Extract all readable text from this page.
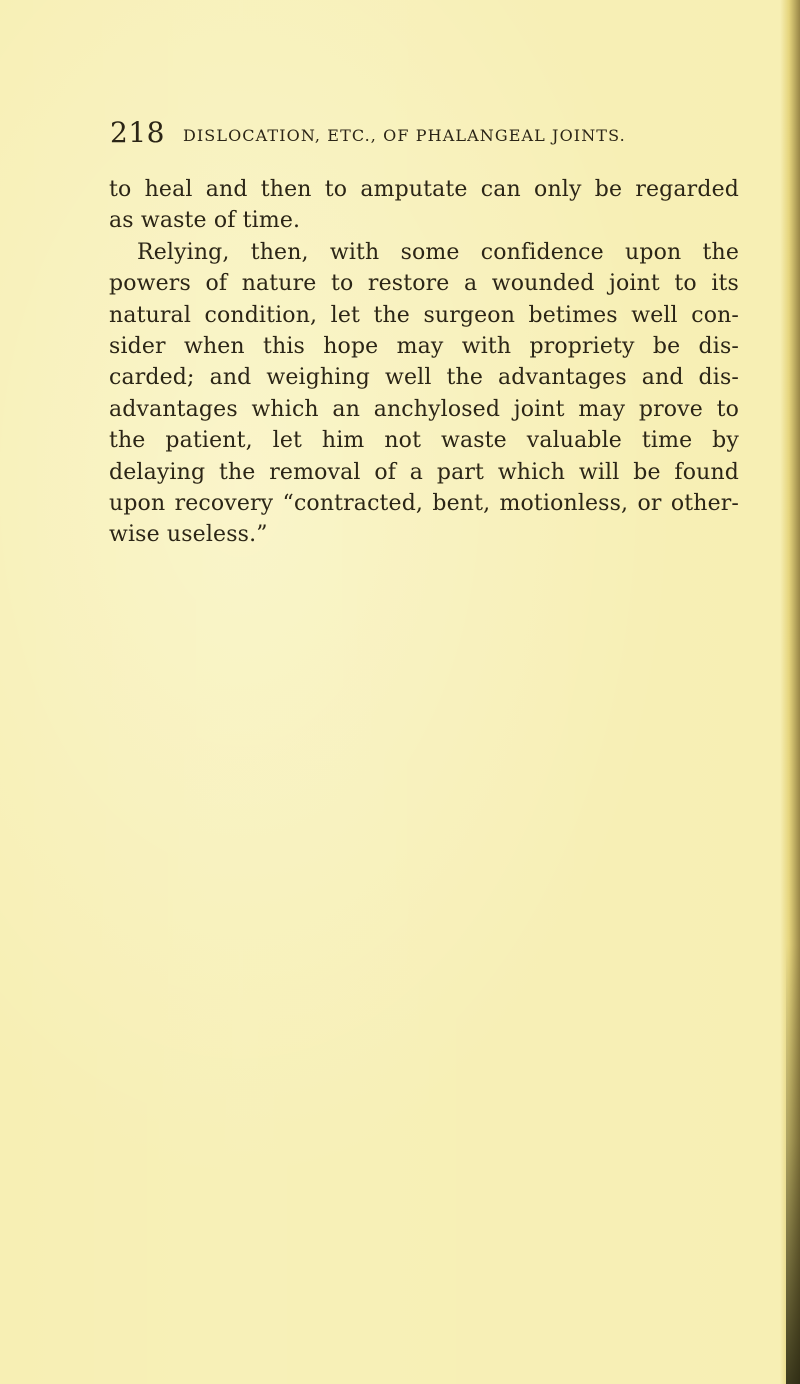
218 DISLOCATION, ETC., OF PHALANGEAL JOINTS.
to heal and then to amputate can only be regarded
as waste of time.
Relying, then, with some confidence upon the
powers of nature to restore a wounded joint to its
natural condition, let the surgeon betimes well con-
sider when this hope may with propriety be dis-
carded; and weighing well the advantages and dis-
advantages which an anchylosed joint may prove to
the patient, let him not waste valuable time by
delaying the removal of a part which will be found
upon recovery “contracted, bent, motionless, or other-
wise useless.”
